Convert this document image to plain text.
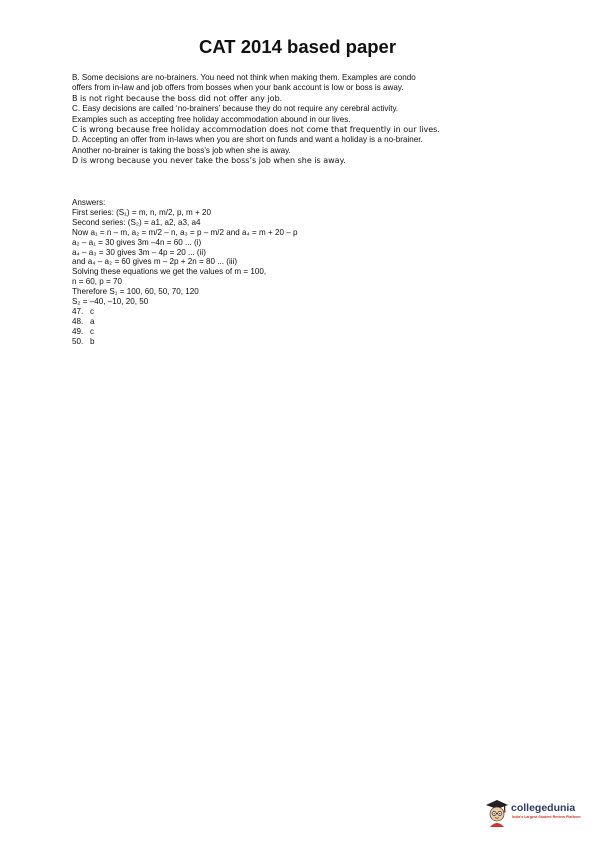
CAT 2014 based paper
B. Some decisions are no-brainers. You need not think when making them. Examples are condo
offers from in-law and job offers from bosses when your bank account is low or boss is away.
B is not right because the boss did not offer any job.
C. Easy decisions are called ‘no-brainers’ because they do not require any cerebral activity.
Examples such as accepting free holiday accommodation abound in our lives.
C is wrong because free holiday accommodation does not come that frequently in our lives.
D. Accepting an offer from in-laws when you are short on funds and want a holiday is a no-brainer.
Another no-brainer is taking the boss’s job when she is away.
D is wrong because you never take the boss’s job when she is away.
Answers:
First series: (S₁) = m, n, m/2, p, m + 20
Second series: (S₂) = a1, a2, a3, a4
Now a₁ = n – m, a₂ = m/2 – n, a₃ = p – m/2 and a₄ = m + 20 – p
a₂ – a₁ = 30 gives 3m –4n = 60 ... (i)
a₄ – a₃ = 30 gives 3m – 4p = 20 ... (ii)
and a₄ – a₂ = 60 gives m – 2p + 2n = 80 ... (iii)
Solving these equations we get the values of m = 100,
n = 60, p = 70
Therefore S₁ = 100, 60, 50, 70, 120
S₂ = –40, –10, 20, 50
47. c
48. a
49. c
50. b
collegedunia
India's Largest Student Review Platform
